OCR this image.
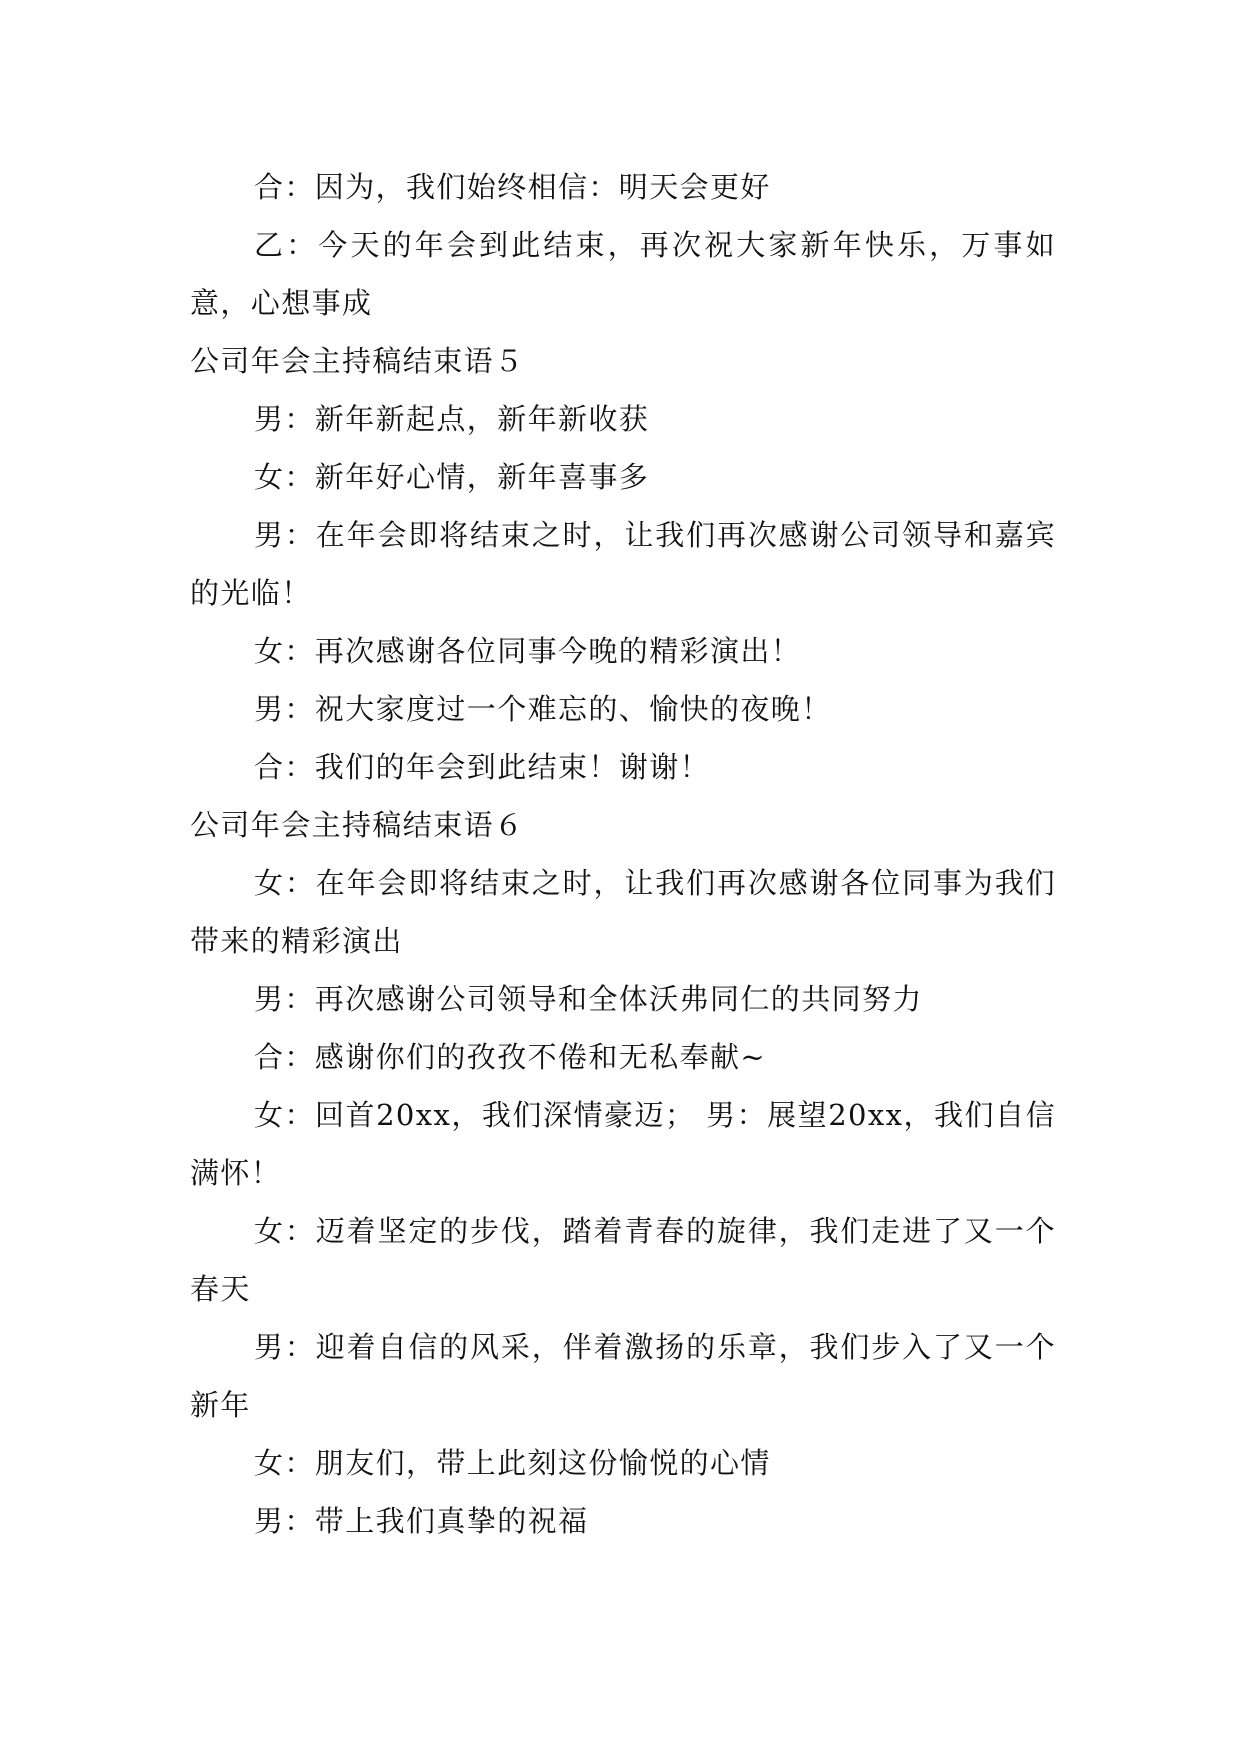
合：因为，我们始终相信：明天会更好

乙：今天的年会到此结束，再次祝大家新年快乐，万事如意，心想事成

公司年会主持稿结束语５

男：新年新起点，新年新收获

女：新年好心情，新年喜事多

男：在年会即将结束之时，让我们再次感谢公司领导和嘉宾的光临！

女：再次感谢各位同事今晚的精彩演出！

男：祝大家度过一个难忘的、愉快的夜晚！

合：我们的年会到此结束！谢谢！

公司年会主持稿结束语６

女：在年会即将结束之时，让我们再次感谢各位同事为我们带来的精彩演出

男：再次感谢公司领导和全体沃弗同仁的共同努力

合：感谢你们的孜孜不倦和无私奉献~

女：回首20xx，我们深情豪迈； 男：展望20xx，我们自信满怀！

女：迈着坚定的步伐，踏着青春的旋律，我们走进了又一个春天

男：迎着自信的风采，伴着激扬的乐章，我们步入了又一个新年

女：朋友们，带上此刻这份愉悦的心情

男：带上我们真挚的祝福
